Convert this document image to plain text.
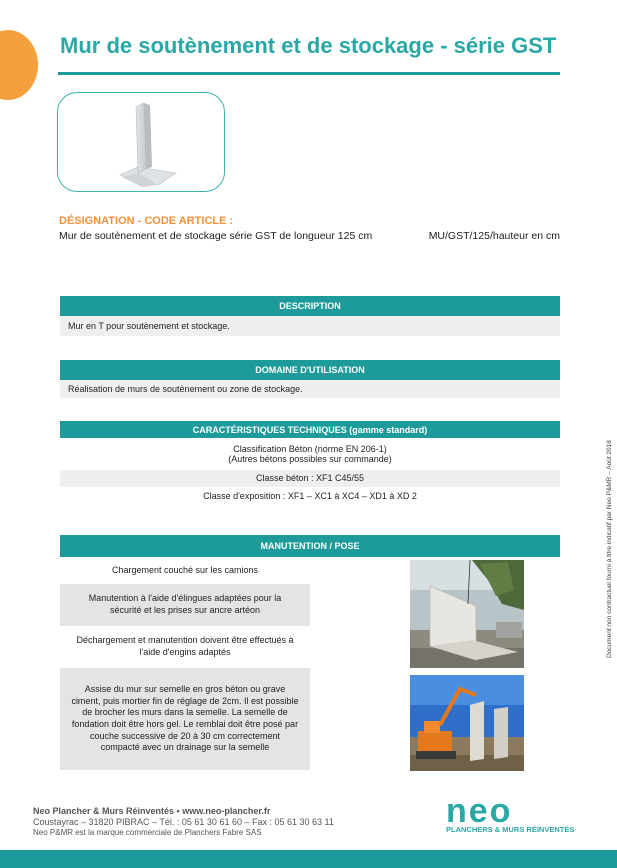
Mur de soutènement et de stockage - série GST
DÉSIGNATION - CODE ARTICLE :
Mur de soutènement et de stockage série GST de longueur 125 cm	MU/GST/125/hauteur en cm
DESCRIPTION
Mur en T pour soutènement et stockage.
DOMAINE D'UTILISATION
Réalisation de murs de soutènement ou zone de stockage.
CARACTÉRISTIQUES TECHNIQUES (gamme standard)
Classification Béton (norme EN 206-1)
(Autres bétons possibles sur commande)
Classe béton : XF1 C45/55
Classe d'exposition : XF1 – XC1 à XC4 – XD1 à XD 2
MANUTENTION / POSE
Chargement couché sur les camions
Manutention à l'aide d'élingues adaptées pour la
sécurité et les prises sur ancre artéon
Déchargement et manutention doivent être effectués à
l'aide d'engins adaptés
Assise du mur sur semelle en gros béton ou grave ciment, puis mortier fin de réglage de 2cm. Il est possible de brocher les murs dans la semelle. La semelle de fondation doit être hors gel. Le remblai doit être posé par couche successive de 20 à 30 cm correctement compacté avec un drainage sur la semelle
Document non contractuel fourni à titre indicatif par Neo P&MR – Août 2018
Neo Plancher & Murs Réinventés • www.neo-plancher.fr
Coustayrac – 31820 PIBRAC – Tél. : 05 61 30 61 60 – Fax : 05 61 30 63 11
Neo P&MR est la marque commerciale de Planchers Fabre SAS
neo
PLANCHERS & MURS RÉINVENTÉS
